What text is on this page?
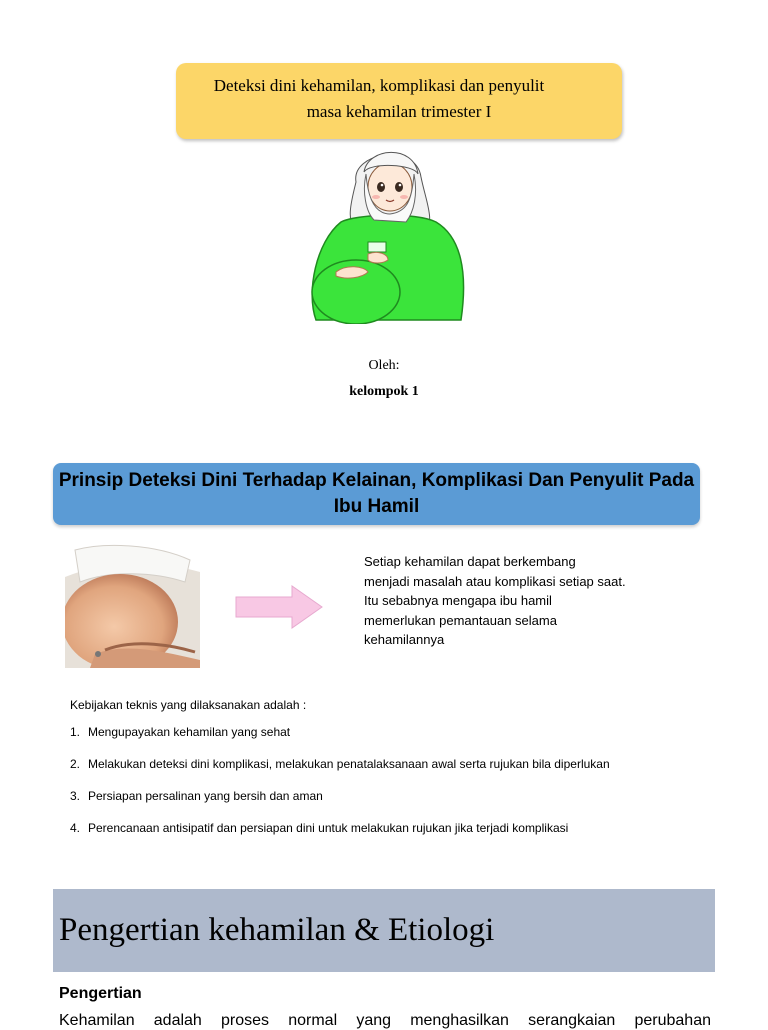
Deteksi dini kehamilan, komplikasi dan penyulit
masa kehamilan trimester I
Oleh:
kelompok 1
Prinsip Deteksi Dini Terhadap Kelainan, Komplikasi Dan Penyulit Pada Ibu Hamil
Setiap kehamilan dapat berkembang
menjadi masalah atau komplikasi setiap saat.
Itu sebabnya mengapa ibu hamil
memerlukan pemantauan selama
kehamilannya
Kebijakan teknis yang dilaksanakan adalah :
1. Mengupayakan kehamilan yang sehat
2. Melakukan deteksi dini komplikasi, melakukan penatalaksanaan awal serta rujukan bila diperlukan
3. Persiapan persalinan yang bersih dan aman
4. Perencanaan antisipatif dan persiapan dini untuk melakukan rujukan jika terjadi komplikasi
Pengertian kehamilan & Etiologi
Pengertian
Kehamilan adalah proses normal yang menghasilkan serangkaian perubahan
